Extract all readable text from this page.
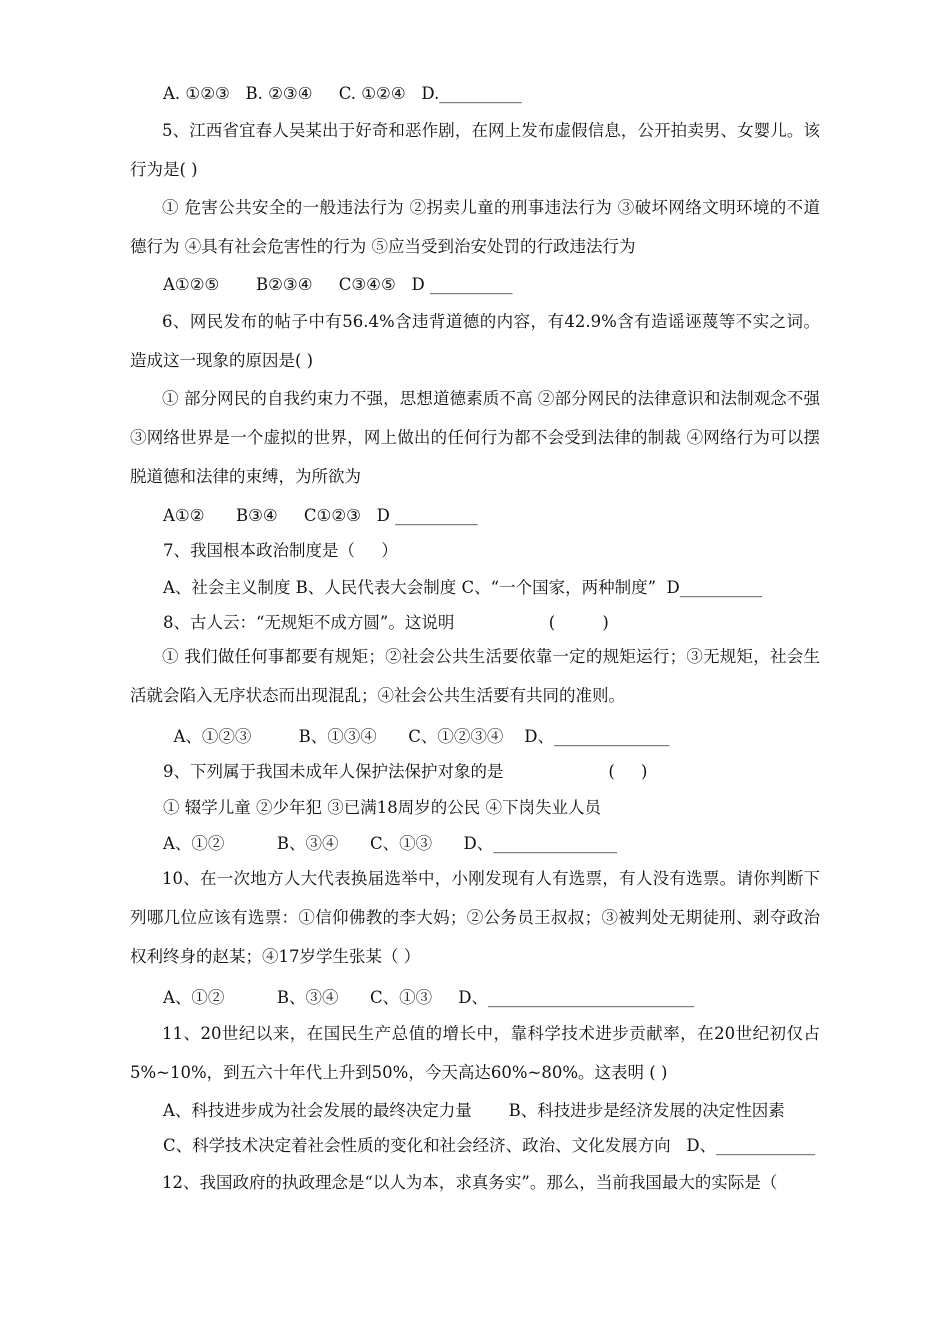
A. ①②③   B. ②③④     C. ①②④   D.__________
5、江西省宜春人吴某出于好奇和恶作剧，在网上发布虚假信息，公开拍卖男、女婴儿。该行为是( )
① 危害公共安全的一般违法行为 ②拐卖儿童的刑事违法行为 ③破坏网络文明环境的不道德行为 ④具有社会危害性的行为 ⑤应当受到治安处罚的行政违法行为
A①②⑤       B②③④     C③④⑤   D __________
6、网民发布的帖子中有56.4%含违背道德的内容，有42.9%含有造谣诬蔑等不实之词。造成这一现象的原因是( )
① 部分网民的自我约束力不强，思想道德素质不高 ②部分网民的法律意识和法制观念不强 ③网络世界是一个虚拟的世界，网上做出的任何行为都不会受到法律的制裁 ④网络行为可以摆脱道德和法律的束缚，为所欲为
A①②      B③④     C①②③   D __________
7、我国根本政治制度是（     ）
A、社会主义制度 B、人民代表大会制度 C、“一个国家，两种制度”  D__________
8、古人云：“无规矩不成方圆”。这说明                  (         )
① 我们做任何事都要有规矩；②社会公共生活要依靠一定的规矩运行；③无规矩，社会生活就会陷入无序状态而出现混乱；④社会公共生活要有共同的准则。
A、①②③         B、①③④      C、①②③④    D、______________
9、下列属于我国未成年人保护法保护对象的是                    (     )
① 辍学儿童 ②少年犯 ③已满18周岁的公民 ④下岗失业人员
A、①②          B、③④      C、①③      D、_______________
10、在一次地方人大代表换届选举中，小刚发现有人有选票，有人没有选票。请你判断下列哪几位应该有选票：①信仰佛教的李大妈；②公务员王叔叔；③被判处无期徒刑、剥夺政治权利终身的赵某；④17岁学生张某（ ）
A、①②          B、③④      C、①③     D、_________________________
11、20世纪以来，在国民生产总值的增长中，靠科学技术进步贡献率，在20世纪初仅占5%~10%，到五六十年代上升到50%，今天高达60%~80%。这表明 ( )
A、科技进步成为社会发展的最终决定力量       B、科技进步是经济发展的决定性因素
C、科学技术决定着社会性质的变化和社会经济、政治、文化发展方向   D、____________
12、我国政府的执政理念是“以人为本，求真务实”。那么，当前我国最大的实际是（
